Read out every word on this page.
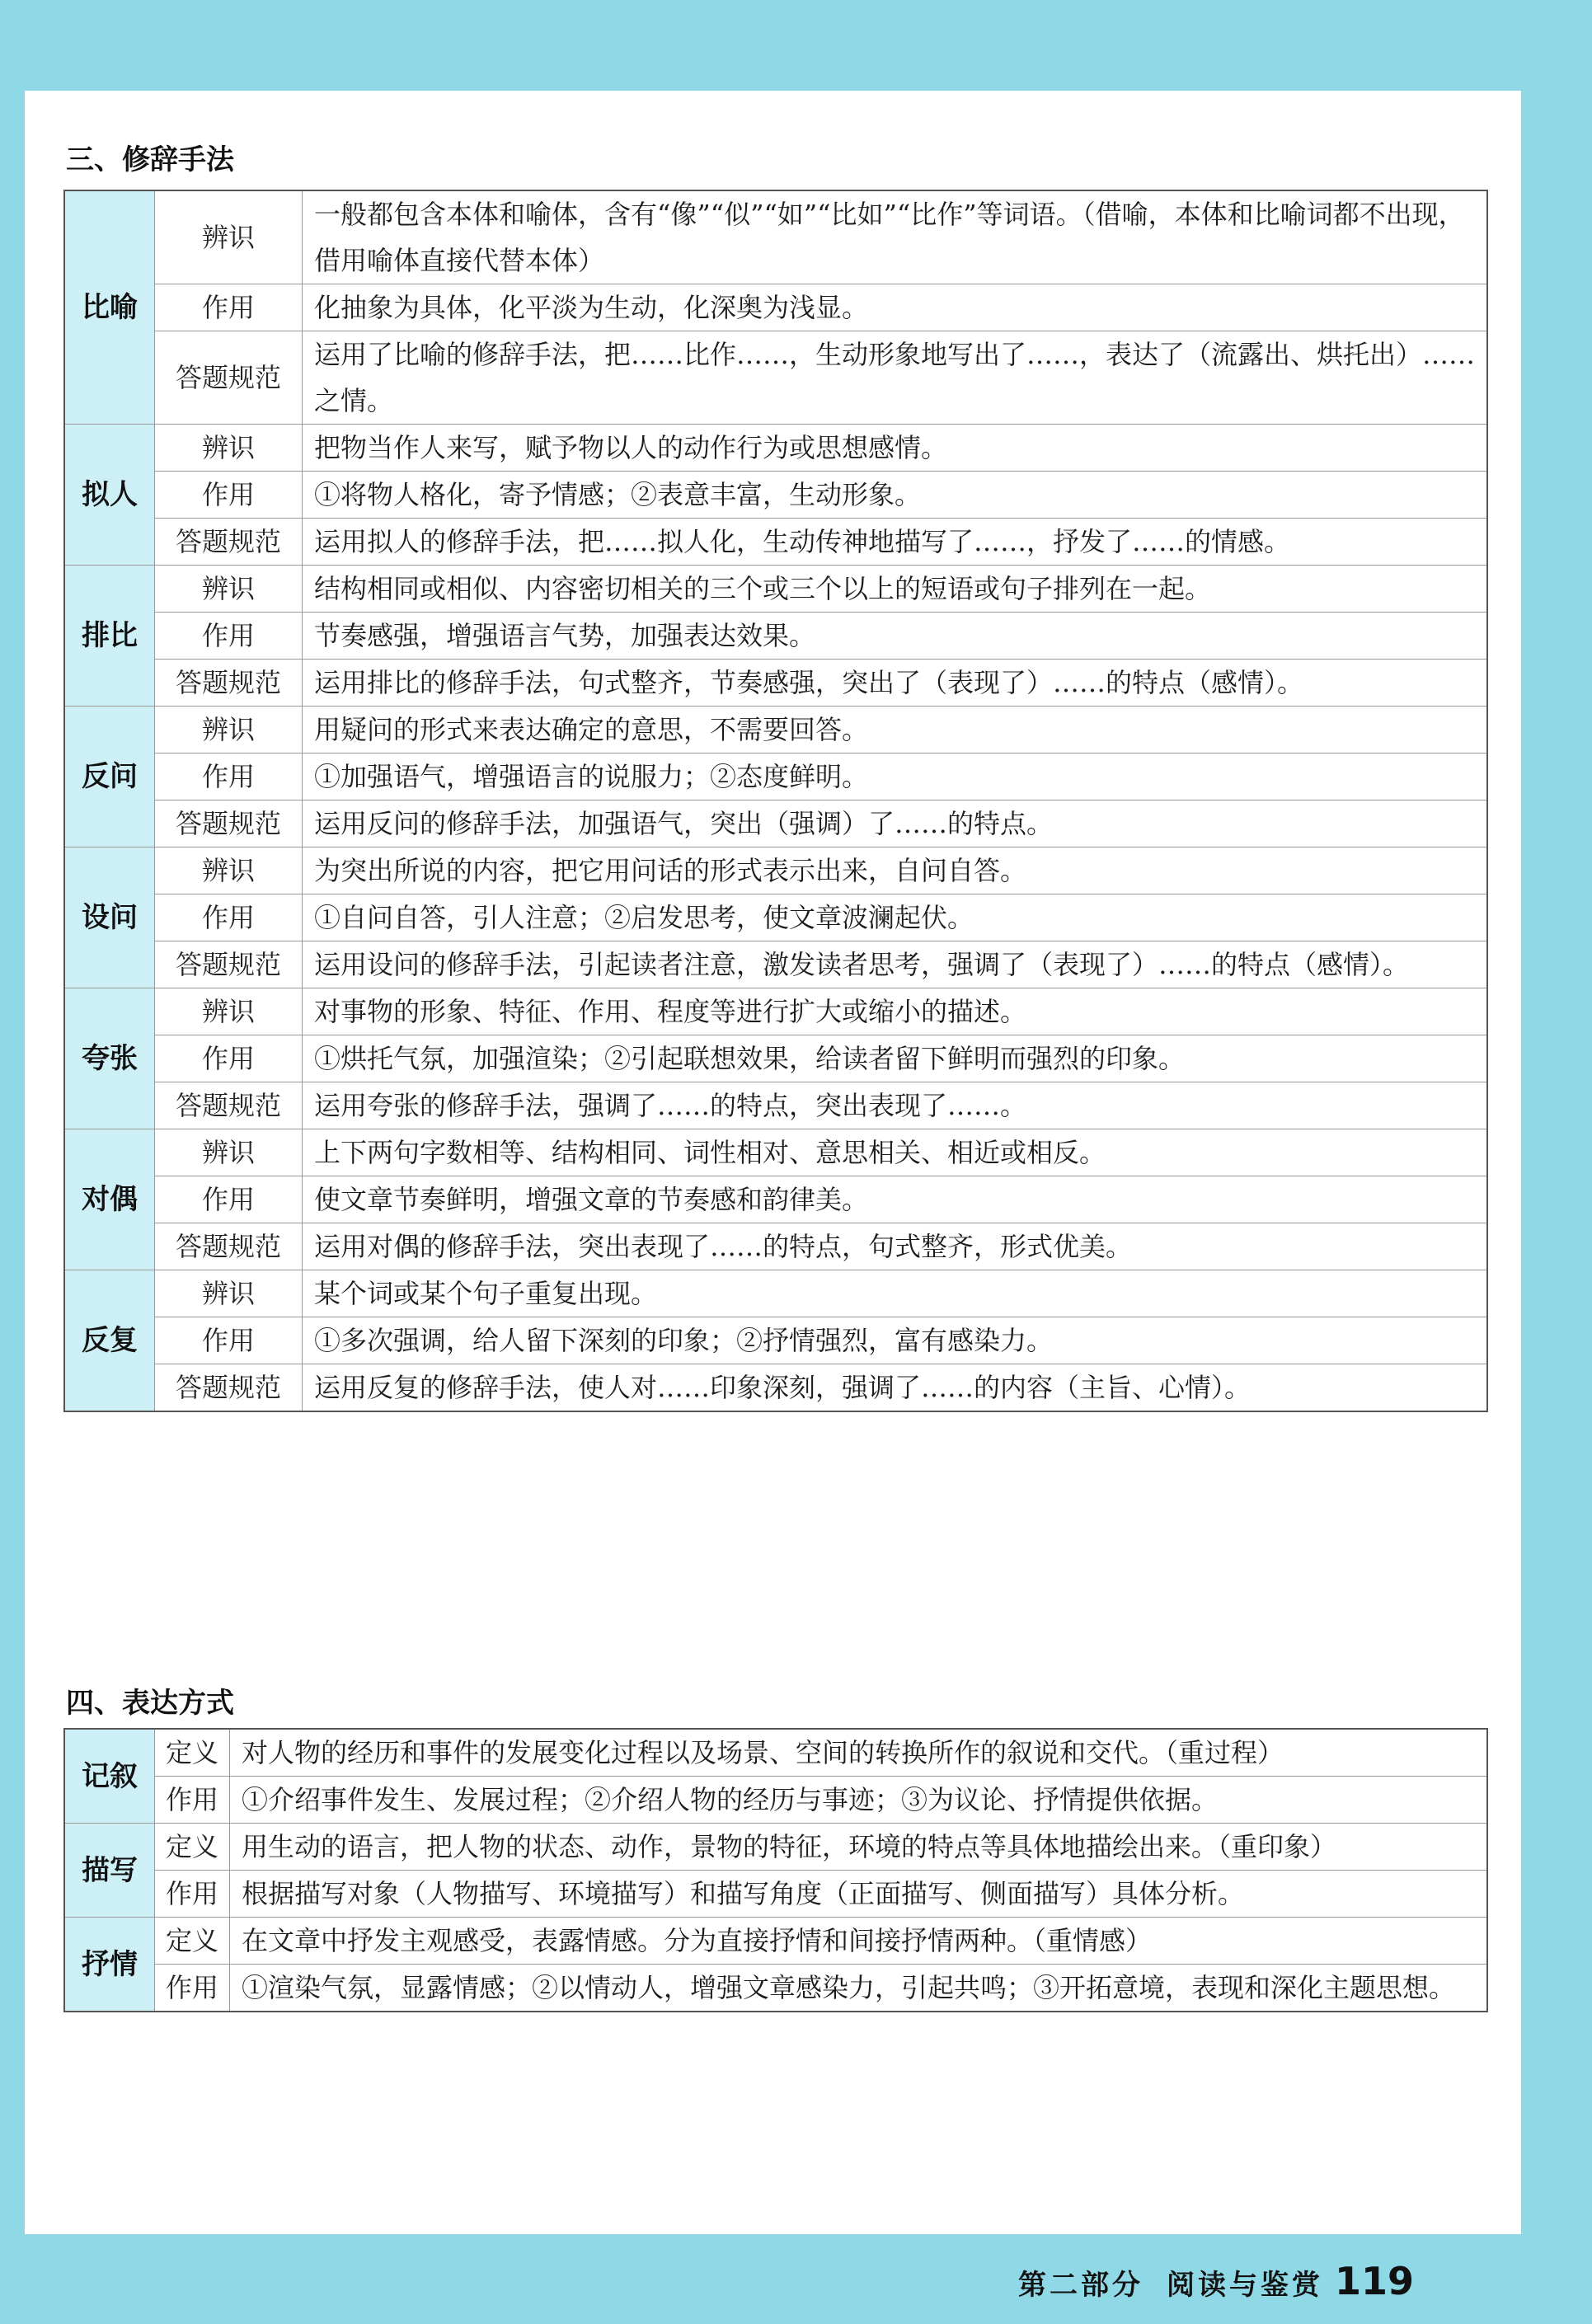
三、修辞手法
比喻	辨识	一般都包含本体和喻体，含有“像”“似”“如”“比如”“比作”等词语。（借喻，本体和比喻词都不出现，借用喻体直接代替本体）
	作用	化抽象为具体，化平淡为生动，化深奥为浅显。
	答题规范	运用了比喻的修辞手法，把……比作……，生动形象地写出了……，表达了（流露出、烘托出）……之情。
拟人	辨识	把物当作人来写，赋予物以人的动作行为或思想感情。
	作用	①将物人格化，寄予情感；②表意丰富，生动形象。
	答题规范	运用拟人的修辞手法，把……拟人化，生动传神地描写了……，抒发了……的情感。
排比	辨识	结构相同或相似、内容密切相关的三个或三个以上的短语或句子排列在一起。
	作用	节奏感强，增强语言气势，加强表达效果。
	答题规范	运用排比的修辞手法，句式整齐，节奏感强，突出了（表现了）……的特点（感情）。
反问	辨识	用疑问的形式来表达确定的意思，不需要回答。
	作用	①加强语气，增强语言的说服力；②态度鲜明。
	答题规范	运用反问的修辞手法，加强语气，突出（强调）了……的特点。
设问	辨识	为突出所说的内容，把它用问话的形式表示出来，自问自答。
	作用	①自问自答，引人注意；②启发思考，使文章波澜起伏。
	答题规范	运用设问的修辞手法，引起读者注意，激发读者思考，强调了（表现了）……的特点（感情）。
夸张	辨识	对事物的形象、特征、作用、程度等进行扩大或缩小的描述。
	作用	①烘托气氛，加强渲染；②引起联想效果，给读者留下鲜明而强烈的印象。
	答题规范	运用夸张的修辞手法，强调了……的特点，突出表现了……。
对偶	辨识	上下两句字数相等、结构相同、词性相对、意思相关、相近或相反。
	作用	使文章节奏鲜明，增强文章的节奏感和韵律美。
	答题规范	运用对偶的修辞手法，突出表现了……的特点，句式整齐，形式优美。
反复	辨识	某个词或某个句子重复出现。
	作用	①多次强调，给人留下深刻的印象；②抒情强烈，富有感染力。
	答题规范	运用反复的修辞手法，使人对……印象深刻，强调了……的内容（主旨、心情）。
四、表达方式
记叙	定义	对人物的经历和事件的发展变化过程以及场景、空间的转换所作的叙说和交代。（重过程）
	作用	①介绍事件发生、发展过程；②介绍人物的经历与事迹；③为议论、抒情提供依据。
描写	定义	用生动的语言，把人物的状态、动作，景物的特征，环境的特点等具体地描绘出来。（重印象）
	作用	根据描写对象（人物描写、环境描写）和描写角度（正面描写、侧面描写）具体分析。
抒情	定义	在文章中抒发主观感受，表露情感。分为直接抒情和间接抒情两种。（重情感）
	作用	①渲染气氛，显露情感；②以情动人，增强文章感染力，引起共鸣；③开拓意境，表现和深化主题思想。
第二部分 阅读与鉴赏 119
